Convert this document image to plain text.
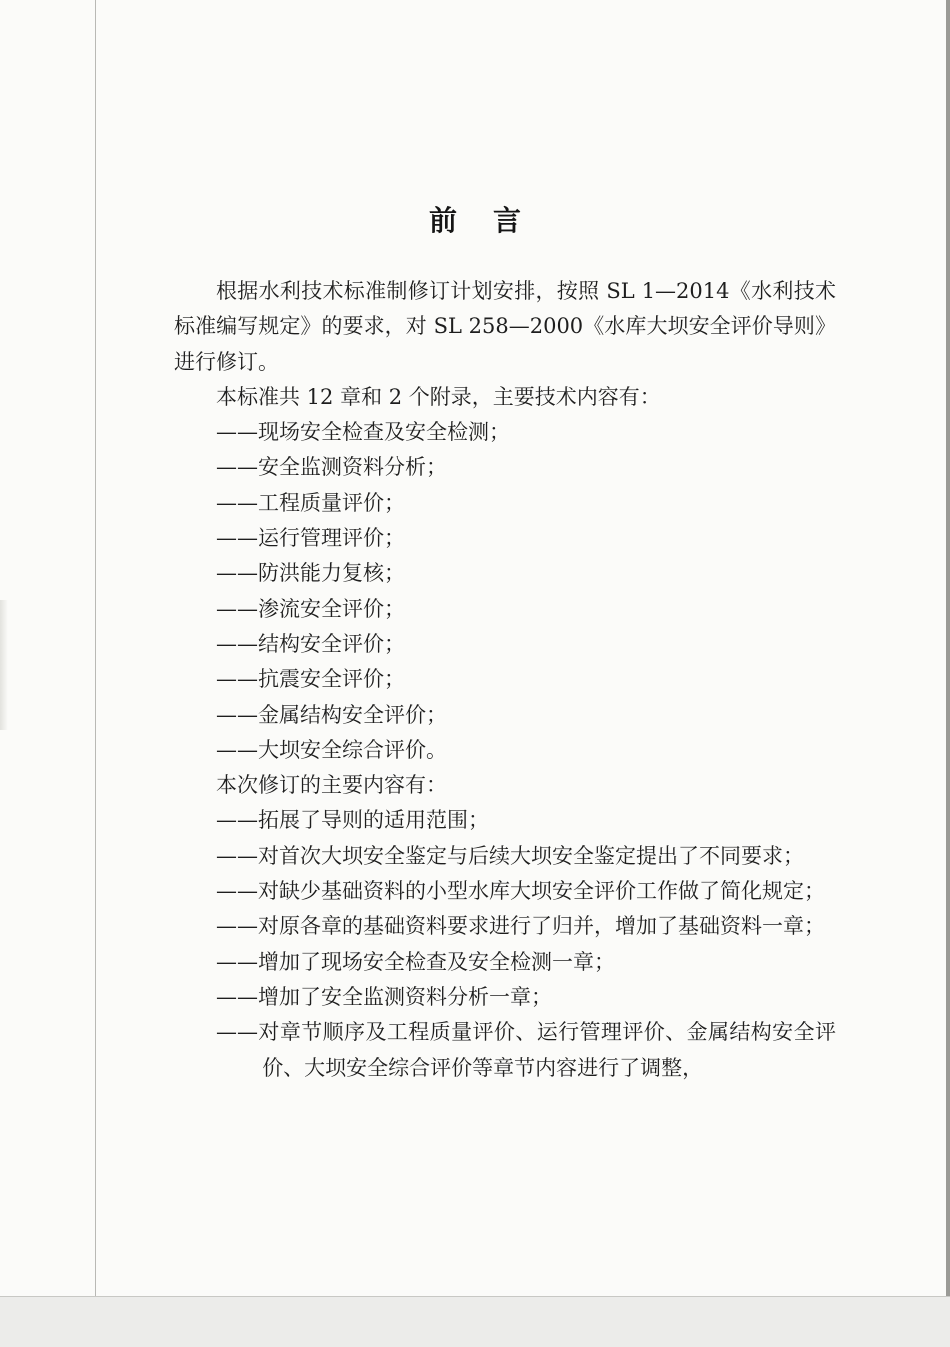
前言

根据水利技术标准制修订计划安排，按照 SL 1—2014《水利技术标准编写规定》的要求，对 SL 258—2000《水库大坝安全评价导则》进行修订。

本标准共 12 章和 2 个附录，主要技术内容有：

——现场安全检查及安全检测；

——安全监测资料分析；

——工程质量评价；

——运行管理评价；

——防洪能力复核；

——渗流安全评价；

——结构安全评价；

——抗震安全评价；

——金属结构安全评价；

——大坝安全综合评价。

本次修订的主要内容有：

——拓展了导则的适用范围；

——对首次大坝安全鉴定与后续大坝安全鉴定提出了不同要求；

——对缺少基础资料的小型水库大坝安全评价工作做了简化规定；

——对原各章的基础资料要求进行了归并，增加了基础资料一章；

——增加了现场安全检查及安全检测一章；

——增加了安全监测资料分析一章；

——对章节顺序及工程质量评价、运行管理评价、金属结构安全评价、大坝安全综合评价等章节内容进行了调整，
